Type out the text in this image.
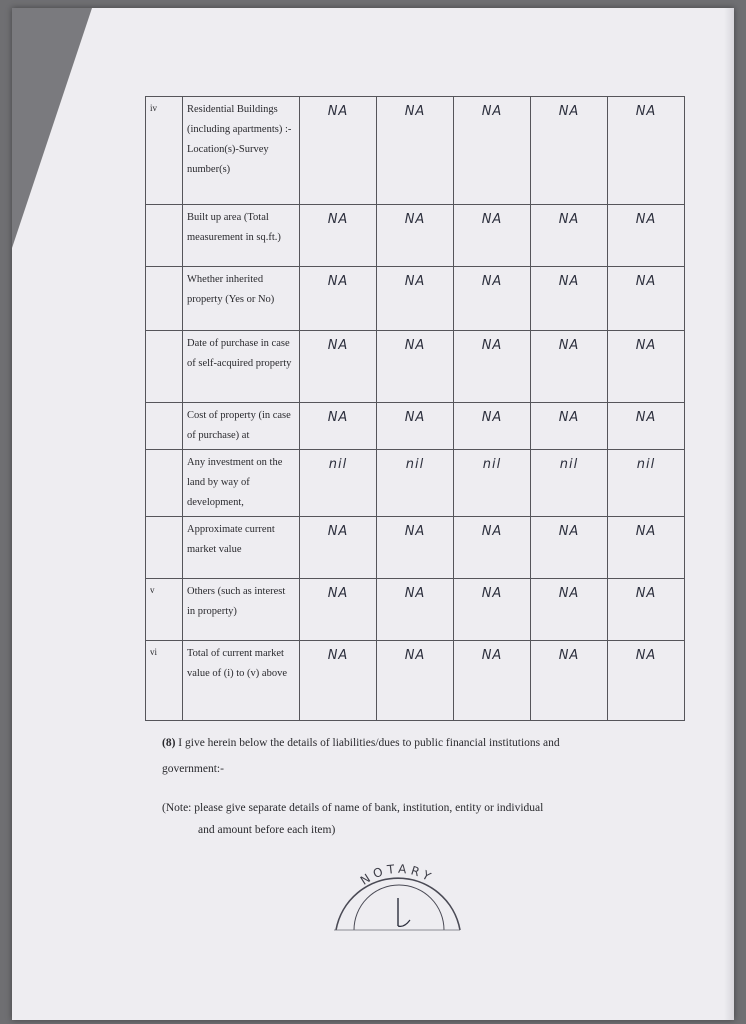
iv	Residential Buildings (including apartments) :- Location(s)-Survey number(s)	NA	NA	NA	NA	NA
	Built up area (Total measurement in sq.ft.)	NA	NA	NA	NA	NA
	Whether inherited property (Yes or No)	NA	NA	NA	NA	NA
	Date of purchase in case of self-acquired property	NA	NA	NA	NA	NA
	Cost of property (in case of purchase) at	NA	NA	NA	NA	NA
	Any investment on the land by way of development,	nil	nil	nil	nil	nil
	Approximate current market value	NA	NA	NA	NA	NA
v	Others (such as interest in property)	NA	NA	NA	NA	NA
vi	Total of current market value of (i) to (v) above	NA	NA	NA	NA	NA
(8) I give herein below the details of liabilities/dues to public financial institutions and government:-
(Note: please give separate details of name of bank, institution, entity or individual
and amount before each item)
NOTARY
